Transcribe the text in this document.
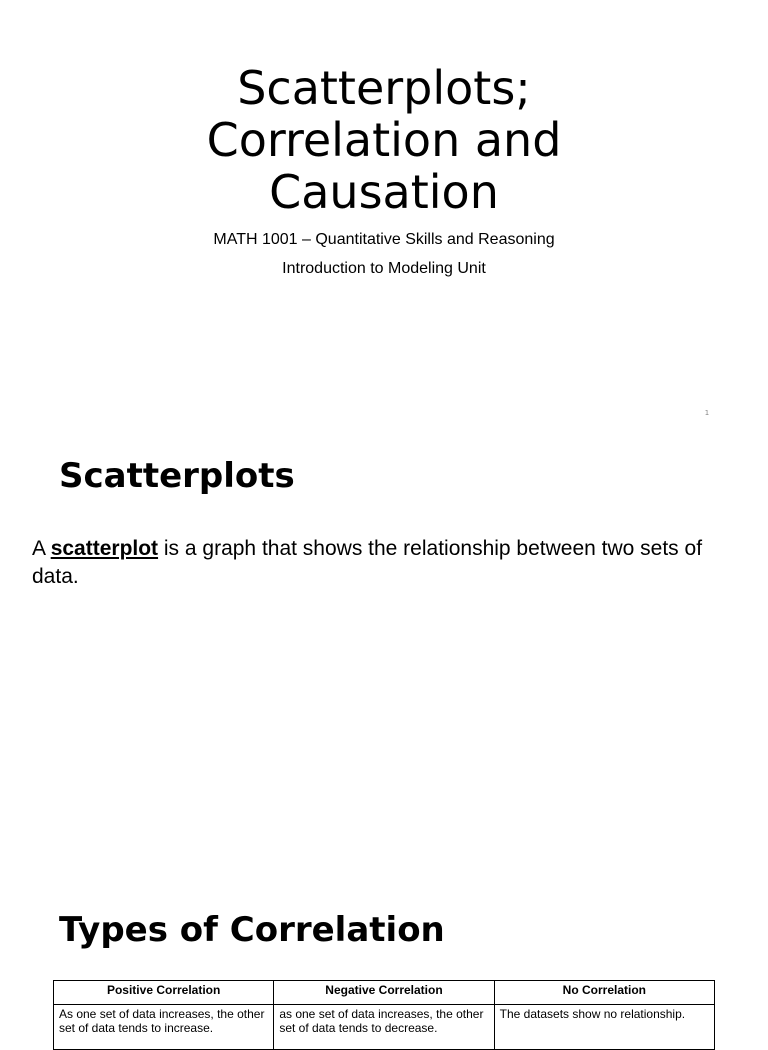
Scatterplots;
Correlation and
Causation

MATH 1001 – Quantitative Skills and Reasoning

Introduction to Modeling Unit

1
Scatterplots

A scatterplot is a graph that shows the relationship between two sets of data.

Types of Correlation
Positive Correlation	Negative Correlation	No Correlation
As one set of data increases, the other set of data tends to increase.	as one set of data increases, the other set of data tends to decrease.	The datasets show no relationship.
